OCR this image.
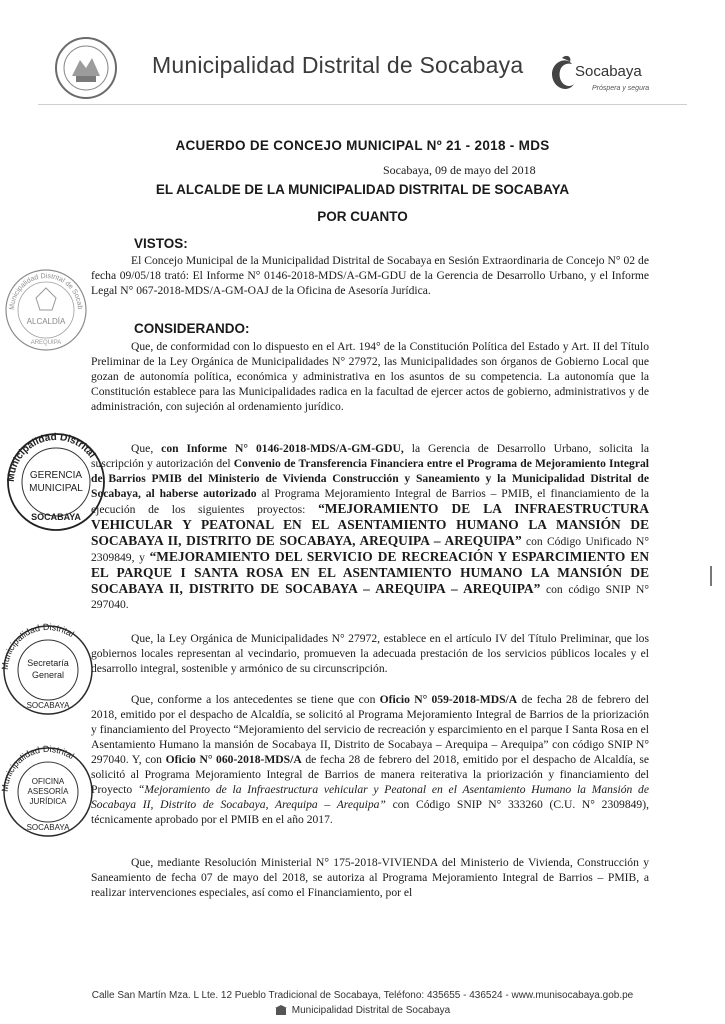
Municipalidad Distrital de Socabaya	Socabaya
Próspera y segura
ACUERDO DE CONCEJO MUNICIPAL Nº 21 - 2018 - MDS
Socabaya, 09 de mayo del 2018
EL ALCALDE DE LA MUNICIPALIDAD DISTRITAL DE SOCABAYA
POR CUANTO
VISTOS:
El Concejo Municipal de la Municipalidad Distrital de Socabaya en Sesión Extraordinaria de Concejo N° 02 de fecha 09/05/18 trató: El Informe N° 0146-2018-MDS/A-GM-GDU de la Gerencia de Desarrollo Urbano, y el Informe Legal N° 067-2018-MDS/A-GM-OAJ de la Oficina de Asesoría Jurídica.
CONSIDERANDO:
Que, de conformidad con lo dispuesto en el Art. 194° de la Constitución Política del Estado y Art. II del Título Preliminar de la Ley Orgánica de Municipalidades N° 27972, las Municipalidades son órganos de Gobierno Local que gozan de autonomía política, económica y administrativa en los asuntos de su competencia. La autonomía que la Constitución establece para las Municipalidades radica en la facultad de ejercer actos de gobierno, administrativos y de administración, con sujeción al ordenamiento jurídico.
Que, con Informe N° 0146-2018-MDS/A-GM-GDU, la Gerencia de Desarrollo Urbano, solicita la suscripción y autorización del Convenio de Transferencia Financiera entre el Programa de Mejoramiento Integral de Barrios PMIB del Ministerio de Vivienda Construcción y Saneamiento y la Municipalidad Distrital de Socabaya, al haberse autorizado al Programa Mejoramiento Integral de Barrios – PMIB, el financiamiento de la ejecución de los siguientes proyectos: “MEJORAMIENTO DE LA INFRAESTRUCTURA VEHICULAR Y PEATONAL EN EL ASENTAMIENTO HUMANO LA MANSIÓN DE SOCABAYA II, DISTRITO DE SOCABAYA, AREQUIPA – AREQUIPA” con Código Unificado N° 2309849, y “MEJORAMIENTO DEL SERVICIO DE RECREACIÓN Y ESPARCIMIENTO EN EL PARQUE I SANTA ROSA EN EL ASENTAMIENTO HUMANO LA MANSIÓN DE SOCABAYA II, DISTRITO DE SOCABAYA – AREQUIPA – AREQUIPA” con código SNIP N° 297040.
Que, la Ley Orgánica de Municipalidades N° 27972, establece en el artículo IV del Título Preliminar, que los gobiernos locales representan al vecindario, promueven la adecuada prestación de los servicios públicos locales y el desarrollo integral, sostenible y armónico de su circunscripción.
Que, conforme a los antecedentes se tiene que con Oficio N° 059-2018-MDS/A de fecha 28 de febrero del 2018, emitido por el despacho de Alcaldía, se solicitó al Programa Mejoramiento Integral de Barrios de la priorización y financiamiento del Proyecto “Mejoramiento del servicio de recreación y esparcimiento en el parque I Santa Rosa en el Asentamiento Humano la mansión de Socabaya II, Distrito de Socabaya – Arequipa – Arequipa” con código SNIP N° 297040. Y, con Oficio N° 060-2018-MDS/A de fecha 28 de febrero del 2018, emitido por el despacho de Alcaldía, se solicitó al Programa Mejoramiento Integral de Barrios de manera reiterativa la priorización y financiamiento del Proyecto “Mejoramiento de la Infraestructura vehicular y Peatonal en el Asentamiento Humano la Mansión de Socabaya II, Distrito de Socabaya, Arequipa – Arequipa” con Código SNIP N° 333260 (C.U. N° 2309849), técnicamente aprobado por el PMIB en el año 2017.
Que, mediante Resolución Ministerial N° 175-2018-VIVIENDA del Ministerio de Vivienda, Construcción y Saneamiento de fecha 07 de mayo del 2018, se autoriza al Programa Mejoramiento Integral de Barrios – PMIB, a realizar intervenciones especiales, así como el Financiamiento, por el
Municipalidad Distrital de Socab
ALCALDÍA
AREQUIPA
Municipalidad Distrital
GERENCIA
MUNICIPAL
SOCABAYA
Municipalidad Distrital
Secretaría
General
SOCABAYA
Municipalidad Distrital
OFICINA
ASESORÍA
JURÍDICA
SOCABAYA
Calle San Martín Mza. L Lte. 12 Pueblo Tradicional de Socabaya, Teléfono: 435655 - 436524 - www.munisocabaya.gob.pe
Municipalidad Distrital de Socabaya
